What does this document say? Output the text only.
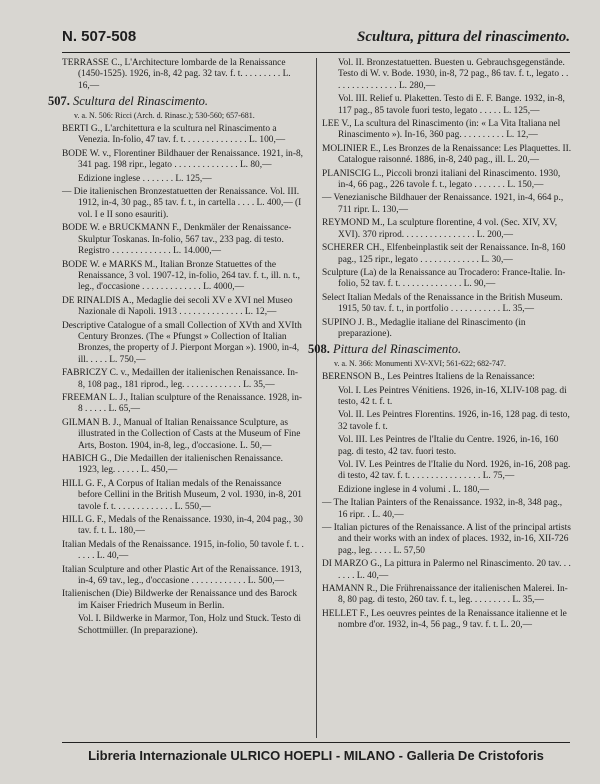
N. 507-508	Scultura, pittura del rinascimento.
TERRASSE C., L'Architecture lombarde de la Renaissance (1450-1525). 1926, in-8, 42 pag. 32 tav. f. t. . . . . . . . . L. 16,—
507. Scultura del Rinascimento.
v. a. N. 506: Ricci (Arch. d. Rinasc.); 530-560; 657-681.
BERTI G., L'architettura e la scultura nel Rinascimento a Venezia. In-folio, 47 tav. f. t. . . . . . . . . . . . . . L. 100,—
BODE W. v., Florentiner Bildhauer der Renaissance. 1921, in-8, 341 pag. 198 ripr., legato . . . . . . . . . . . . . . L. 80,—
Edizione inglese . . . . . . . L. 125,—
— Die italienischen Bronzestatuetten der Renaissance. Vol. III. 1912, in-4, 30 pag., 85 tav. f. t., in cartella . . . . L. 400,— (I vol. I e II sono esauriti).
BODE W. e BRUCKMANN F., Denkmäler der Renaissance-Skulptur Toskanas. In-folio, 567 tav., 233 pag. di testo. Registro . . . . . . . . . . . . . L. 14.000,—
BODE W. e MARKS M., Italian Bronze Statuettes of the Renaissance, 3 vol. 1907-12, in-folio, 264 tav. f. t., ill. n. t., leg., d'occasione . . . . . . . . . . . . . L. 4000,—
DE RINALDIS A., Medaglie dei secoli XV e XVI nel Museo Nazionale di Napoli. 1913 . . . . . . . . . . . . . . L. 12,—
Descriptive Catalogue of a small Collection of XVth and XVIth Century Bronzes. (The « Pfungst » Collection of Italian Bronzes, the property of J. Pierpont Morgan »). 1900, in-4, ill. . . . . L. 750,—
FABRICZY C. v., Medaillen der italienischen Renaissance. In-8, 108 pag., 181 riprod., leg. . . . . . . . . . . . . L. 35,—
FREEMAN L. J., Italian sculpture of the Renaissance. 1928, in-8 . . . . . L. 65,—
GILMAN B. J., Manual of Italian Renaissance Sculpture, as illustrated in the Collection of Casts at the Museum of Fine Arts, Boston. 1904, in-8, leg., d'occasione. L. 50,—
HABICH G., Die Medaillen der italienischen Renaissance. 1923, leg. . . . . . L. 450,—
HILL G. F., A Corpus of Italian medals of the Renaissance before Cellini in the British Museum, 2 vol. 1930, in-8, 201 tavole f. t. . . . . . . . . . . . . L. 550,—
HILL G. F., Medals of the Renaissance. 1930, in-4, 204 pag., 30 tav. f. t. L. 180,—
Italian Medals of the Renaissance. 1915, in-folio, 50 tavole f. t. . . . . . L. 40,—
Italian Sculpture and other Plastic Art of the Renaissance. 1913, in-4, 69 tav., leg., d'occasione . . . . . . . . . . . . L. 500,—
Italienischen (Die) Bildwerke der Renaissance und des Barock im Kaiser Friedrich Museum in Berlin.
Vol. I. Bildwerke in Marmor, Ton, Holz und Stuck. Testo di Schottmüller. (In preparazione).
Vol. II. Bronzestatuetten. Buesten u. Gebrauchsgegenstände. Testo di W. v. Bode. 1930, in-8, 72 pag., 86 tav. f. t., legato . . . . . . . . . . . . . . . L. 280,—
Vol. III. Relief u. Plaketten. Testo di E. F. Bange. 1932, in-8, 117 pag., 85 tavole fuori testo, legato . . . . . L. 125,—
LEE V., La scultura del Rinascimento (in: « La Vita Italiana nel Rinascimento »). In-16, 360 pag. . . . . . . . . . L. 12,—
MOLINIER E., Les Bronzes de la Renaissance: Les Plaquettes. II. Catalogue raisonné. 1886, in-8, 240 pag., ill. L. 20,—
PLANISCIG L., Piccoli bronzi italiani del Rinascimento. 1930, in-4, 66 pag., 226 tavole f. t., legato . . . . . . . L. 150,—
— Venezianische Bildhauer der Renaissance. 1921, in-4, 664 p., 711 ripr. L. 130,—
REYMOND M., La sculpture florentine, 4 vol. (Sec. XIV, XV, XVI). 370 riprod. . . . . . . . . . . . . . . . L. 200,—
SCHERER CH., Elfenbeinplastik seit der Renaissance. In-8, 160 pag., 125 ripr., legato . . . . . . . . . . . . . L. 30,—
Sculpture (La) de la Renaissance au Trocadero: France-Italie. In-folio, 52 tav. f. t. . . . . . . . . . . . . . L. 90,—
Select Italian Medals of the Renaissance in the British Museum. 1915, 50 tav. f. t., in portfolio . . . . . . . . . . . L. 35,—
SUPINO J. B., Medaglie italiane del Rinascimento (in preparazione).
508. Pittura del Rinascimento.
v. a. N. 366: Monumenti XV-XVI; 561-622; 682-747.
BERENSON B., Les Peintres Italiens de la Renaissance:
Vol. I. Les Peintres Vénitiens. 1926, in-16, XLIV-108 pag. di testo, 42 t. f. t.
Vol. II. Les Peintres Florentins. 1926, in-16, 128 pag. di testo, 32 tavole f. t.
Vol. III. Les Peintres de l'Italie du Centre. 1926, in-16, 160 pag. di testo, 42 tav. fuori testo.
Vol. IV. Les Peintres de l'Italie du Nord. 1926, in-16, 208 pag. di testo, 42 tav. f. t. . . . . . . . . . . . . . . . L. 75,—
Edizione inglese in 4 volumi . L. 180,—
— The Italian Painters of the Renaissance. 1932, in-8, 348 pag., 16 ripr. . L. 40,—
— Italian pictures of the Renaissance. A list of the principal artists and their works with an index of places. 1932, in-16, XII-726 pag., leg. . . . . L. 57,50
DI MARZO G., La pittura in Palermo nel Rinascimento. 20 tav. . . . . . . L. 40,—
HAMANN R., Die Frührenaissance der italienischen Malerei. In-8, 80 pag. di testo, 260 tav. f. t., leg. . . . . . . . . L. 35,—
HELLET F., Les oeuvres peintes de la Renaissance italienne et le nombre d'or. 1932, in-4, 56 pag., 9 tav. f. t. L. 20,—
Libreria Internazionale ULRICO HOEPLI - MILANO - Galleria De Cristoforis
